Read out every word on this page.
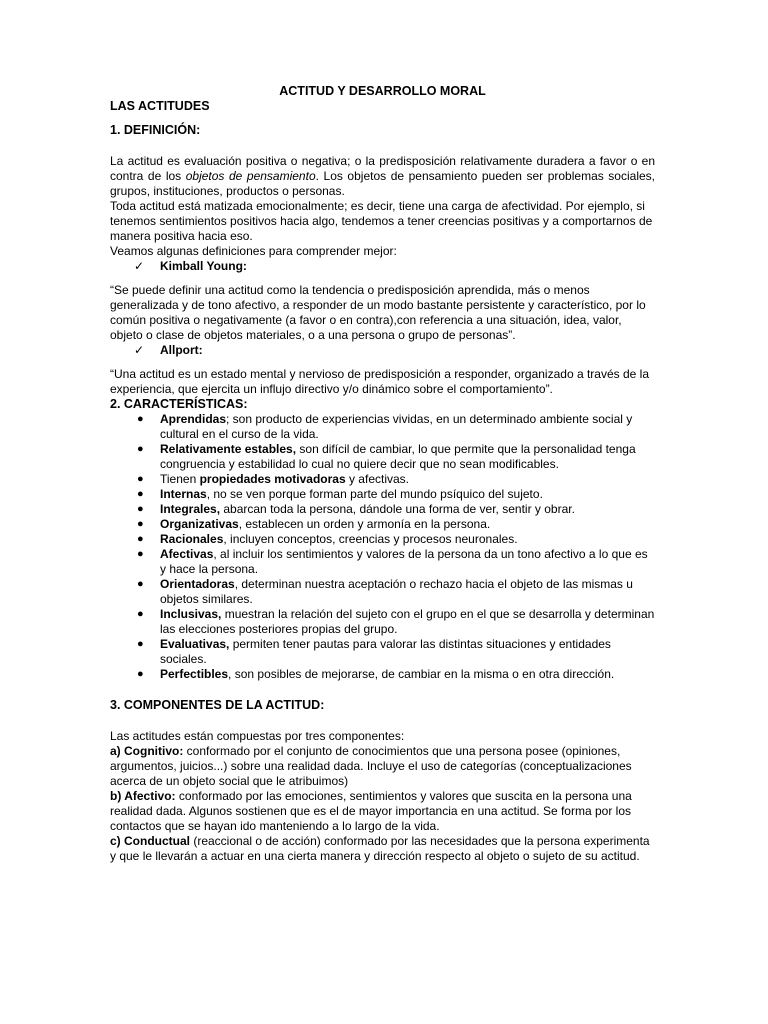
ACTITUD Y DESARROLLO MORAL

LAS ACTITUDES

1. DEFINICIÓN:

La actitud es evaluación positiva o negativa; o la predisposición relativamente duradera a favor o en contra de los objetos de pensamiento. Los objetos de pensamiento pueden ser problemas sociales, grupos, instituciones, productos o personas.

Toda actitud está matizada emocionalmente; es decir, tiene una carga de afectividad. Por ejemplo, si tenemos sentimientos positivos hacia algo, tendemos a tener creencias positivas y a comportarnos de manera positiva hacia eso.

Veamos algunas definiciones para comprender mejor:

✓ Kimball Young:

“Se puede definir una actitud como la tendencia o predisposición aprendida, más o menos generalizada y de tono afectivo, a responder de un modo bastante persistente y característico, por lo común positiva o negativamente (a favor o en contra),con referencia a una situación, idea, valor, objeto o clase de objetos materiales, o a una persona o grupo de personas”.

✓ Allport:

“Una actitud es un estado mental y nervioso de predisposición a responder, organizado a través de la experiencia, que ejercita un influjo directivo y/o dinámico sobre el comportamiento”.

2. CARACTERÍSTICAS:

● Aprendidas; son producto de experiencias vividas, en un determinado ambiente social y cultural en el curso de la vida.
● Relativamente estables, son difícil de cambiar, lo que permite que la personalidad tenga congruencia y estabilidad lo cual no quiere decir que no sean modificables.
● Tienen propiedades motivadoras y afectivas.
● Internas, no se ven porque forman parte del mundo psíquico del sujeto.
● Integrales, abarcan toda la persona, dándole una forma de ver, sentir y obrar.
● Organizativas, establecen un orden y armonía en la persona.
● Racionales, incluyen conceptos, creencias y procesos neuronales.
● Afectivas, al incluir los sentimientos y valores de la persona da un tono afectivo a lo que es y hace la persona.
● Orientadoras, determinan nuestra aceptación o rechazo hacia el objeto de las mismas u objetos similares.
● Inclusivas, muestran la relación del sujeto con el grupo en el que se desarrolla y determinan las elecciones posteriores propias del grupo.
● Evaluativas, permiten tener pautas para valorar las distintas situaciones y entidades sociales.
● Perfectibles, son posibles de mejorarse, de cambiar en la misma o en otra dirección.

3. COMPONENTES DE LA ACTITUD:

Las actitudes están compuestas por tres componentes:

a) Cognitivo: conformado por el conjunto de conocimientos que una persona posee (opiniones, argumentos, juicios...) sobre una realidad dada. Incluye el uso de categorías (conceptualizaciones acerca de un objeto social que le atribuimos)

b) Afectivo: conformado por las emociones, sentimientos y valores que suscita en la persona una realidad dada. Algunos sostienen que es el de mayor importancia en una actitud. Se forma por los contactos que se hayan ido manteniendo a lo largo de la vida.

c) Conductual (reaccional o de acción) conformado por las necesidades que la persona experimenta y que le llevarán a actuar en una cierta manera y dirección respecto al objeto o sujeto de su actitud.
